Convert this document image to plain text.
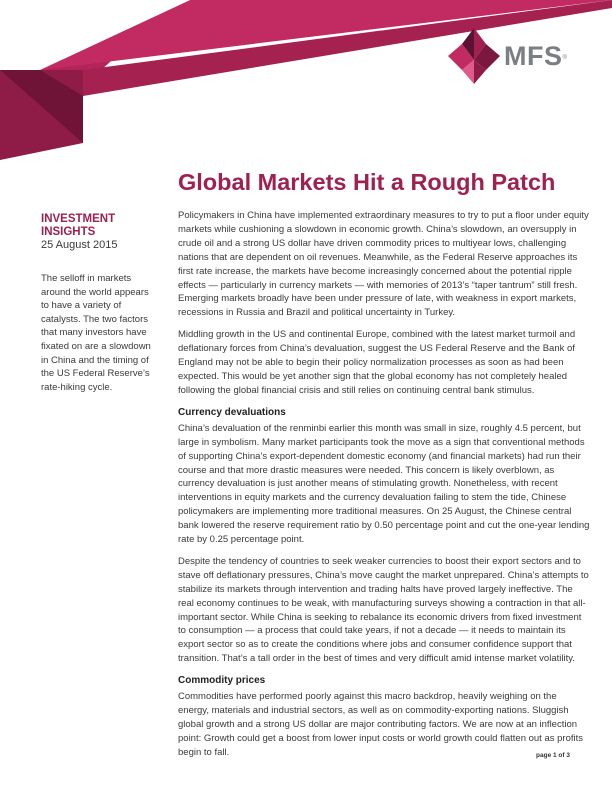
MFS®
Global Markets Hit a Rough Patch
INVESTMENT INSIGHTS
25 August 2015
The selloff in markets around the world appears to have a variety of catalysts. The two factors that many investors have fixated on are a slowdown in China and the timing of the US Federal Reserve’s rate-hiking cycle.

Policymakers in China have implemented extraordinary measures to try to put a floor under equity markets while cushioning a slowdown in economic growth. China’s slowdown, an oversupply in crude oil and a strong US dollar have driven commodity prices to multiyear lows, challenging nations that are dependent on oil revenues. Meanwhile, as the Federal Reserve approaches its first rate increase, the markets have become increasingly concerned about the potential ripple effects — particularly in currency markets — with memories of 2013’s “taper tantrum” still fresh. Emerging markets broadly have been under pressure of late, with weakness in export markets, recessions in Russia and Brazil and political uncertainty in Turkey.

Middling growth in the US and continental Europe, combined with the latest market turmoil and deflationary forces from China’s devaluation, suggest the US Federal Reserve and the Bank of England may not be able to begin their policy normalization processes as soon as had been expected. This would be yet another sign that the global economy has not completely healed following the global financial crisis and still relies on continuing central bank stimulus.

Currency devaluations

China’s devaluation of the renminbi earlier this month was small in size, roughly 4.5 percent, but large in symbolism. Many market participants took the move as a sign that conventional methods of supporting China’s export-dependent domestic economy (and financial markets) had run their course and that more drastic measures were needed. This concern is likely overblown, as currency devaluation is just another means of stimulating growth. Nonetheless, with recent interventions in equity markets and the currency devaluation failing to stem the tide, Chinese policymakers are implementing more traditional measures. On 25 August, the Chinese central bank lowered the reserve requirement ratio by 0.50 percentage point and cut the one-year lending rate by 0.25 percentage point.

Despite the tendency of countries to seek weaker currencies to boost their export sectors and to stave off deflationary pressures, China’s move caught the market unprepared. China’s attempts to stabilize its markets through intervention and trading halts have proved largely ineffective. The real economy continues to be weak, with manufacturing surveys showing a contraction in that all-important sector. While China is seeking to rebalance its economic drivers from fixed investment to consumption — a process that could take years, if not a decade — it needs to maintain its export sector so as to create the conditions where jobs and consumer confidence support that transition. That’s a tall order in the best of times and very difficult amid intense market volatility.

Commodity prices

Commodities have performed poorly against this macro backdrop, heavily weighing on the energy, materials and industrial sectors, as well as on commodity-exporting nations. Sluggish global growth and a strong US dollar are major contributing factors. We are now at an inflection point: Growth could get a boost from lower input costs or world growth could flatten out as profits begin to fall.	page 1 of 3
